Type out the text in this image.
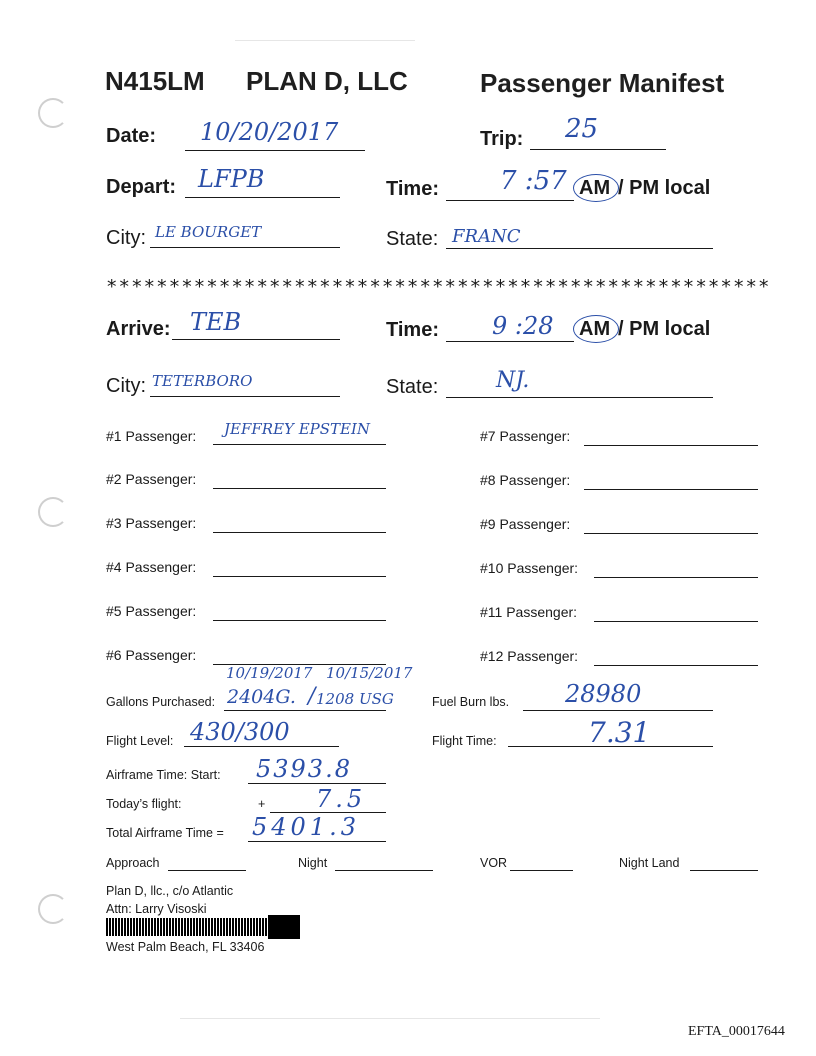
N415LM PLAN D, LLC	Passenger Manifest
Date: 10/20/2017	Trip: 25
Depart: LFPB	Time: 7 :57 AM / PM local
City: LE BOURGET	State: FRANC
*****************************************************
Arrive: TEB	Time: 9 :28 AM / PM local
City: TETERBORO	State:	NJ.
#1 Passenger: JEFFREY EPSTEIN
#2 Passenger:
#3 Passenger:
#4 Passenger:
#5 Passenger:
#6 Passenger:
#7 Passenger:
#8 Passenger:
#9 Passenger:
#10 Passenger:
#11 Passenger:
#12 Passenger:
10/19/2017 10/15/2017
Gallons Purchased: 2404G. / 1208 USG	Fuel Burn lbs. 28980
Flight Level: 430/300	Flight Time:	7.31
Airframe Time: Start: 5393.8
Today’s flight:	+ 7.5
Total Airframe Time = 5401.3
Approach	Night	VOR	Night Land
Plan D, llc., c/o Atlantic
Attn: Larry Visoski
West Palm Beach, FL 33406
EFTA_00017644
